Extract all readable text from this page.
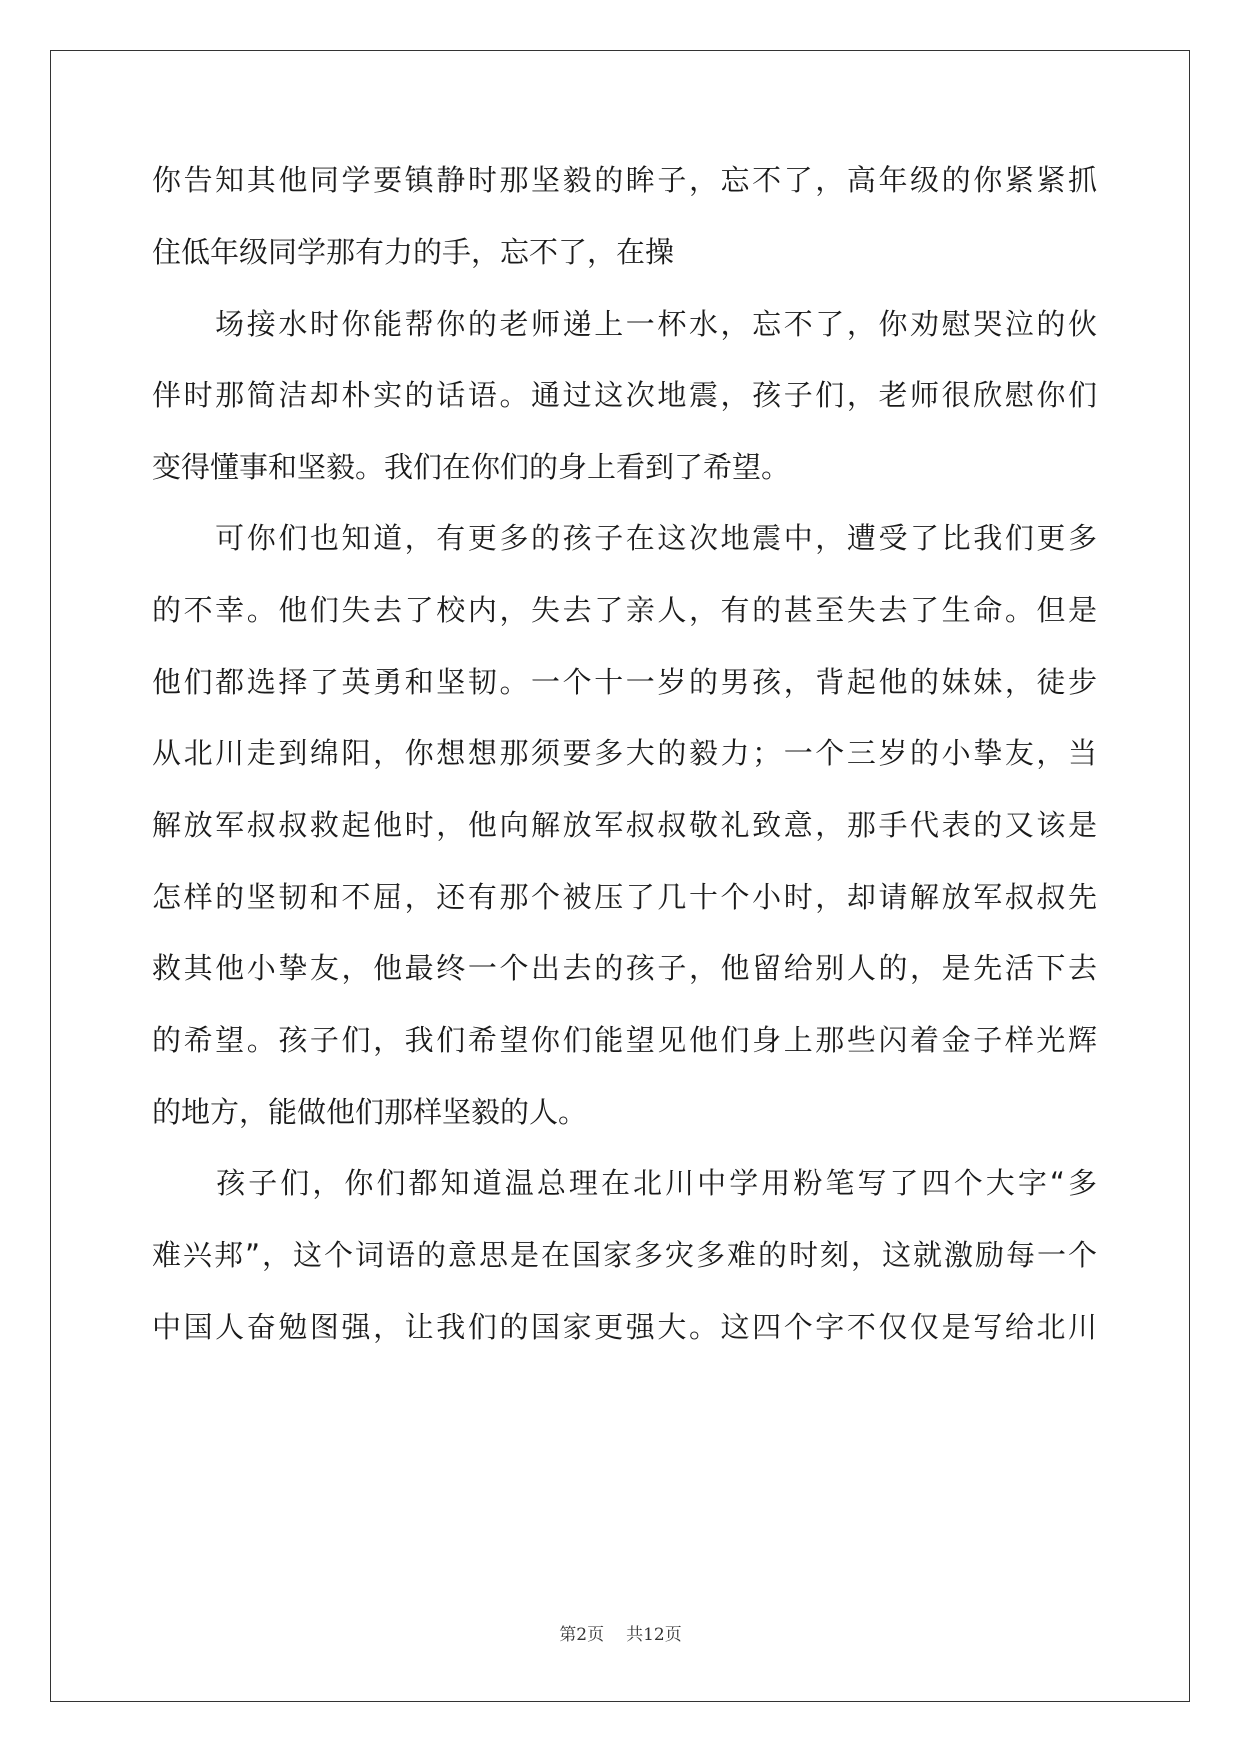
你告知其他同学要镇静时那坚毅的眸子，忘不了，高年级的你紧紧抓
住低年级同学那有力的手，忘不了，在操
　　场接水时你能帮你的老师递上一杯水，忘不了，你劝慰哭泣的伙
伴时那简洁却朴实的话语。通过这次地震，孩子们，老师很欣慰你们
变得懂事和坚毅。我们在你们的身上看到了希望。
　　可你们也知道，有更多的孩子在这次地震中，遭受了比我们更多
的不幸。他们失去了校内，失去了亲人，有的甚至失去了生命。但是
他们都选择了英勇和坚韧。一个十一岁的男孩，背起他的妹妹，徒步
从北川走到绵阳，你想想那须要多大的毅力；一个三岁的小挚友，当
解放军叔叔救起他时，他向解放军叔叔敬礼致意，那手代表的又该是
怎样的坚韧和不屈，还有那个被压了几十个小时，却请解放军叔叔先
救其他小挚友，他最终一个出去的孩子，他留给别人的，是先活下去
的希望。孩子们，我们希望你们能望见他们身上那些闪着金子样光辉
的地方，能做他们那样坚毅的人。
　　孩子们，你们都知道温总理在北川中学用粉笔写了四个大字“多
难兴邦”，这个词语的意思是在国家多灾多难的时刻，这就激励每一个
中国人奋勉图强，让我们的国家更强大。这四个字不仅仅是写给北川
第2页 共12页
